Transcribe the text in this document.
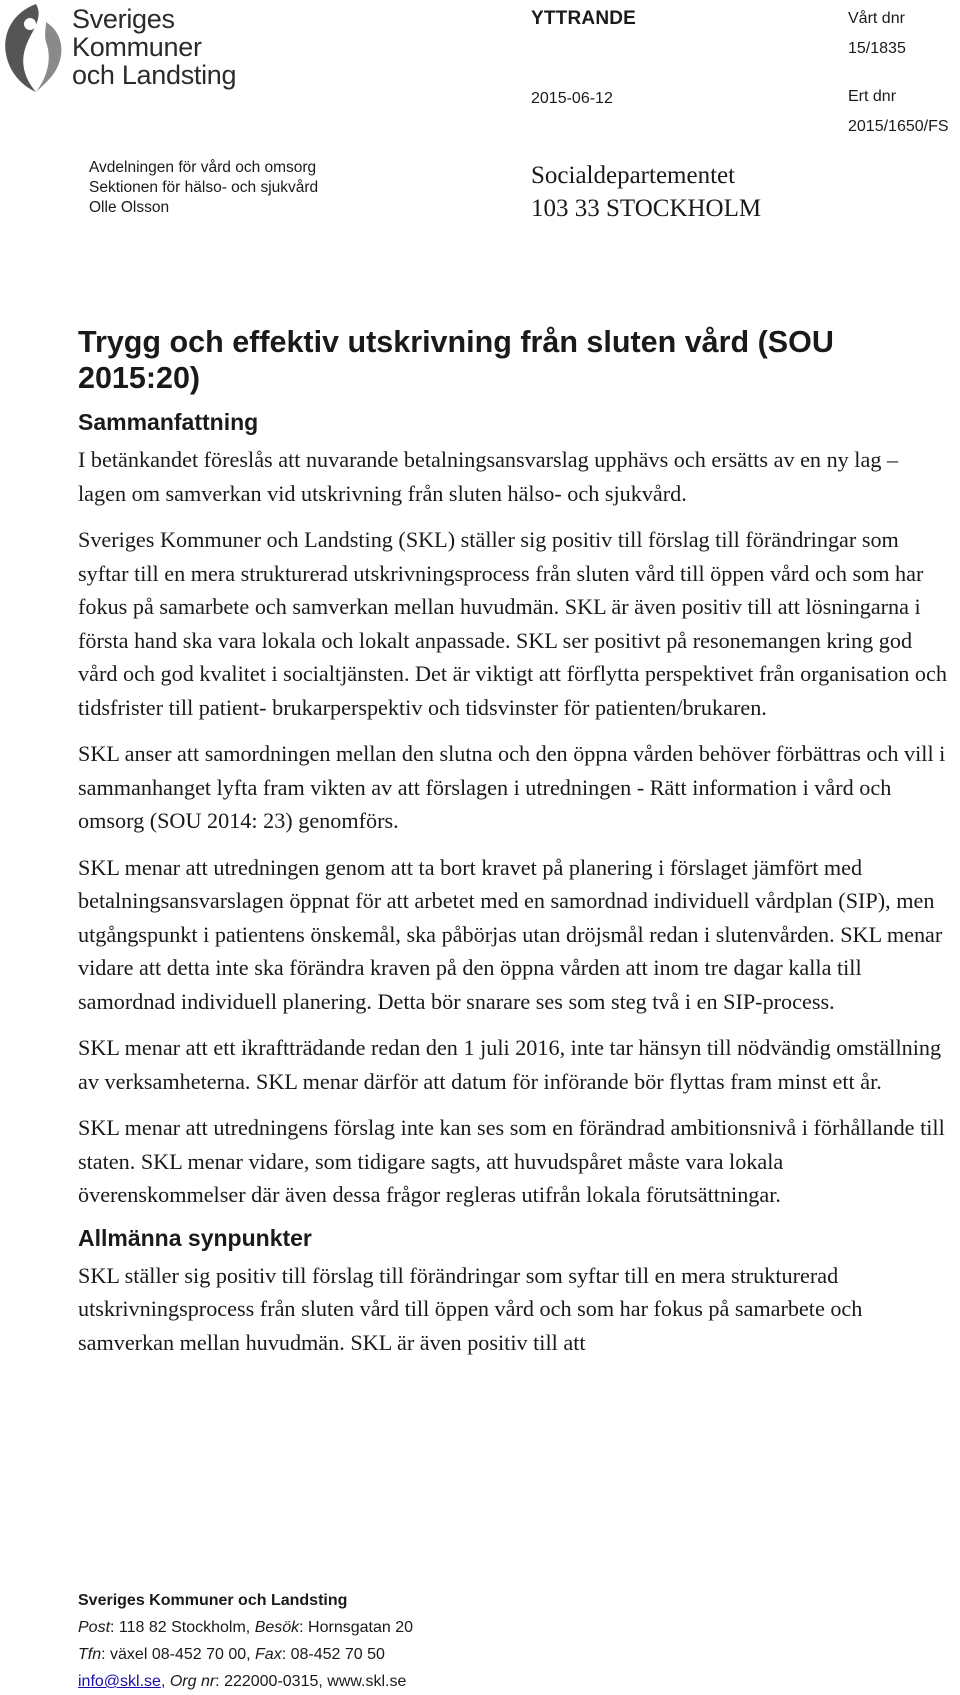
Sveriges
Kommuner
och Landsting
Avdelningen för vård och omsorg
Sektionen för hälso- och sjukvård
Olle Olsson
YTTRANDE
2015-06-12
Socialdepartementet
103 33 STOCKHOLM
Vårt dnr
15/1835
Ert dnr
2015/1650/FS
Trygg och effektiv utskrivning från sluten vård (SOU 2015:20)
Sammanfattning
I betänkandet föreslås att nuvarande betalningsansvarslag upphävs och ersätts av en ny lag – lagen om samverkan vid utskrivning från sluten hälso- och sjukvård.
Sveriges Kommuner och Landsting (SKL) ställer sig positiv till förslag till förändringar som syftar till en mera strukturerad utskrivningsprocess från sluten vård till öppen vård och som har fokus på samarbete och samverkan mellan huvudmän. SKL är även positiv till att lösningarna i första hand ska vara lokala och lokalt anpassade. SKL ser positivt på resonemangen kring god vård och god kvalitet i socialtjänsten. Det är viktigt att förflytta perspektivet från organisation och tidsfrister till patient- brukarperspektiv och tidsvinster för patienten/brukaren.
SKL anser att samordningen mellan den slutna och den öppna vården behöver förbättras och vill i sammanhanget lyfta fram vikten av att förslagen i utredningen - Rätt information i vård och omsorg (SOU 2014: 23) genomförs.
SKL menar att utredningen genom att ta bort kravet på planering i förslaget jämfört med betalningsansvarslagen öppnat för att arbetet med en samordnad individuell vårdplan (SIP), men utgångspunkt i patientens önskemål, ska påbörjas utan dröjsmål redan i slutenvården. SKL menar vidare att detta inte ska förändra kraven på den öppna vården att inom tre dagar kalla till samordnad individuell planering. Detta bör snarare ses som steg två i en SIP-process.
SKL menar att ett ikraftträdande redan den 1 juli 2016, inte tar hänsyn till nödvändig omställning av verksamheterna. SKL menar därför att datum för införande bör flyttas fram minst ett år.
SKL menar att utredningens förslag inte kan ses som en förändrad ambitionsnivå i förhållande till staten. SKL menar vidare, som tidigare sagts, att huvudspåret måste vara lokala överenskommelser där även dessa frågor regleras utifrån lokala förutsättningar.
Allmänna synpunkter
SKL ställer sig positiv till förslag till förändringar som syftar till en mera strukturerad utskrivningsprocess från sluten vård till öppen vård och som har fokus på samarbete och samverkan mellan huvudmän. SKL är även positiv till att
Sveriges Kommuner och Landsting
Post: 118 82 Stockholm, Besök: Hornsgatan 20
Tfn: växel 08-452 70 00, Fax: 08-452 70 50
info@skl.se, Org nr: 222000-0315, www.skl.se
